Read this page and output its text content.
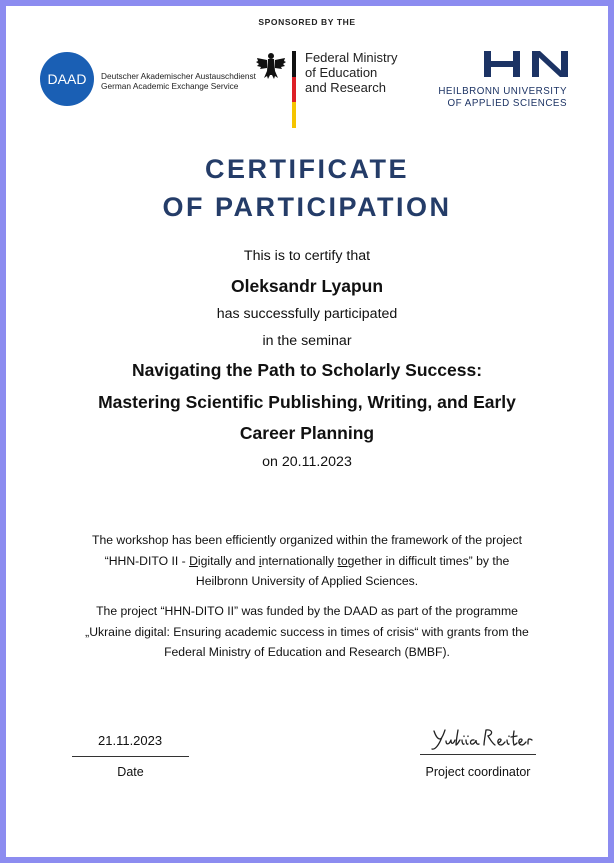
SPONSORED BY THE
DAAD	Deutscher Akademischer Austauschdienst
German Academic Exchange Service
Federal Ministry
of Education
and Research	HEILBRONN UNIVERSITY
OF APPLIED SCIENCES
CERTIFICATE
OF PARTICIPATION
This is to certify that
Oleksandr Lyapun
has successfully participated
in the seminar
Navigating the Path to Scholarly Success:
Mastering Scientific Publishing, Writing, and Early
Career Planning
on 20.11.2023
The workshop has been efficiently organized within the framework of the project
“HHN-DITO II - Digitally and internationally together in difficult times” by the
Heilbronn University of Applied Sciences.
The project “HHN-DITO II” was funded by the DAAD as part of the programme
„Ukraine digital: Ensuring academic success in times of crisis“ with grants from the
Federal Ministry of Education and Research (BMBF).
21.11.2023
Date	Project coordinator
